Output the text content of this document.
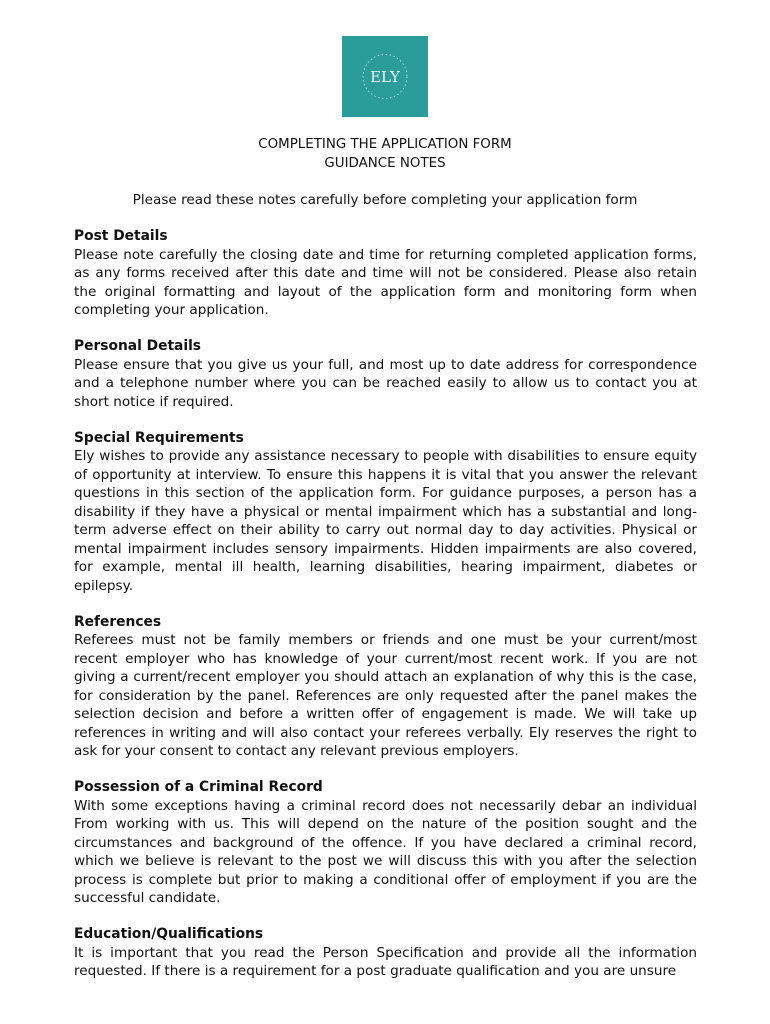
ELY
COMPLETING THE APPLICATION FORM
GUIDANCE NOTES
Please read these notes carefully before completing your application form
Post Details

Please note carefully the closing date and time for returning completed application forms, as any forms received after this date and time will not be considered. Please also retain the original formatting and layout of the application form and monitoring form when completing your application.

Personal Details

Please ensure that you give us your full, and most up to date address for correspondence and a telephone number where you can be reached easily to allow us to contact you at short notice if required.

Special Requirements

Ely wishes to provide any assistance necessary to people with disabilities to ensure equity of opportunity at interview. To ensure this happens it is vital that you answer the relevant questions in this section of the application form. For guidance purposes, a person has a disability if they have a physical or mental impairment which has a substantial and long-term adverse effect on their ability to carry out normal day to day activities. Physical or mental impairment includes sensory impairments. Hidden impairments are also covered, for example, mental ill health, learning disabilities, hearing impairment, diabetes or epilepsy.

References

Referees must not be family members or friends and one must be your current/most recent employer who has knowledge of your current/most recent work. If you are not giving a current/recent employer you should attach an explanation of why this is the case, for consideration by the panel. References are only requested after the panel makes the selection decision and before a written offer of engagement is made. We will take up references in writing and will also contact your referees verbally. Ely reserves the right to ask for your consent to contact any relevant previous employers.

Possession of a Criminal Record

With some exceptions having a criminal record does not necessarily debar an individual From working with us. This will depend on the nature of the position sought and the circumstances and background of the offence. If you have declared a criminal record, which we believe is relevant to the post we will discuss this with you after the selection process is complete but prior to making a conditional offer of employment if you are the successful candidate.

Education/Qualifications

It is important that you read the Person Specification and provide all the information requested. If there is a requirement for a post graduate qualification and you are unsure
